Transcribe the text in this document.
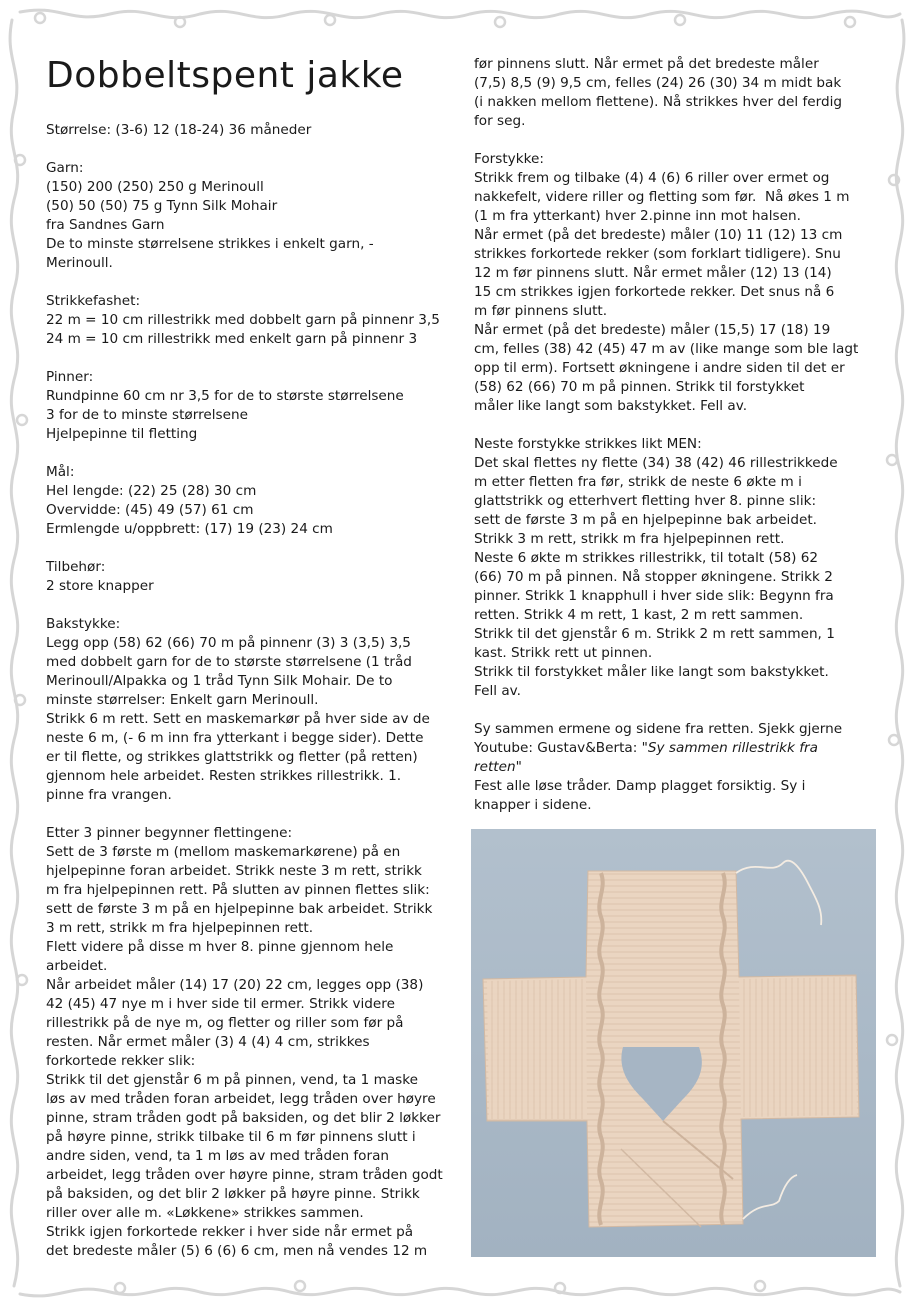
Dobbeltspent jakke
Størrelse: (3-6) 12 (18-24) 36 måneder
Garn:
(150) 200 (250) 250 g Merinoull
(50) 50 (50) 75 g Tynn Silk Mohair
fra Sandnes Garn
De to minste størrelsene strikkes i enkelt garn, -
Merinoull.
Strikkefashet:
22 m = 10 cm rillestrikk med dobbelt garn på pinnenr 3,5
24 m = 10 cm rillestrikk med enkelt garn på pinnenr 3
Pinner:
Rundpinne 60 cm nr 3,5 for de to største størrelsene
3 for de to minste størrelsene
Hjelpepinne til fletting
Mål:
Hel lengde: (22) 25 (28) 30 cm
Overvidde: (45) 49 (57) 61 cm
Ermlengde u/oppbrett: (17) 19 (23) 24 cm
Tilbehør:
2 store knapper
Bakstykke:
Legg opp (58) 62 (66) 70 m på pinnenr (3) 3 (3,5) 3,5
med dobbelt garn for de to største størrelsene (1 tråd
Merinoull/Alpakka og 1 tråd Tynn Silk Mohair. De to
minste størrelser: Enkelt garn Merinoull.
Strikk 6 m rett. Sett en maskemarkør på hver side av de
neste 6 m, (- 6 m inn fra ytterkant i begge sider). Dette
er til flette, og strikkes glattstrikk og fletter (på retten)
gjennom hele arbeidet. Resten strikkes rillestrikk. 1.
pinne fra vrangen.
Etter 3 pinner begynner flettingene:
Sett de 3 første m (mellom maskemarkørene) på en
hjelpepinne foran arbeidet. Strikk neste 3 m rett, strikk
m fra hjelpepinnen rett. På slutten av pinnen flettes slik:
sett de første 3 m på en hjelpepinne bak arbeidet. Strikk
3 m rett, strikk m fra hjelpepinnen rett.
Flett videre på disse m hver 8. pinne gjennom hele
arbeidet.
Når arbeidet måler (14) 17 (20) 22 cm, legges opp (38)
42 (45) 47 nye m i hver side til ermer. Strikk videre
rillestrikk på de nye m, og fletter og riller som før på
resten. Når ermet måler (3) 4 (4) 4 cm, strikkes
forkortede rekker slik:
Strikk til det gjenstår 6 m på pinnen, vend, ta 1 maske
løs av med tråden foran arbeidet, legg tråden over høyre
pinne, stram tråden godt på baksiden, og det blir 2 løkker
på høyre pinne, strikk tilbake til 6 m før pinnens slutt i
andre siden, vend, ta 1 m løs av med tråden foran
arbeidet, legg tråden over høyre pinne, stram tråden godt
på baksiden, og det blir 2 løkker på høyre pinne. Strikk
riller over alle m. «Løkkene» strikkes sammen.
Strikk igjen forkortede rekker i hver side når ermet på
det bredeste måler (5) 6 (6) 6 cm, men nå vendes 12 m
før pinnens slutt. Når ermet på det bredeste måler
(7,5) 8,5 (9) 9,5 cm, felles (24) 26 (30) 34 m midt bak
(i nakken mellom flettene). Nå strikkes hver del ferdig
for seg.
Forstykke:
Strikk frem og tilbake (4) 4 (6) 6 riller over ermet og
nakkefelt, videre riller og fletting som før.  Nå økes 1 m
(1 m fra ytterkant) hver 2.pinne inn mot halsen.
Når ermet (på det bredeste) måler (10) 11 (12) 13 cm
strikkes forkortede rekker (som forklart tidligere). Snu
12 m før pinnens slutt. Når ermet måler (12) 13 (14)
15 cm strikkes igjen forkortede rekker. Det snus nå 6
m før pinnens slutt.
Når ermet (på det bredeste) måler (15,5) 17 (18) 19
cm, felles (38) 42 (45) 47 m av (like mange som ble lagt
opp til erm). Fortsett økningene i andre siden til det er
(58) 62 (66) 70 m på pinnen. Strikk til forstykket
måler like langt som bakstykket. Fell av.
Neste forstykke strikkes likt MEN:
Det skal flettes ny flette (34) 38 (42) 46 rillestrikkede
m etter fletten fra før, strikk de neste 6 økte m i
glattstrikk og etterhvert fletting hver 8. pinne slik:
sett de første 3 m på en hjelpepinne bak arbeidet.
Strikk 3 m rett, strikk m fra hjelpepinnen rett.
Neste 6 økte m strikkes rillestrikk, til totalt (58) 62
(66) 70 m på pinnen. Nå stopper økningene. Strikk 2
pinner. Strikk 1 knapphull i hver side slik: Begynn fra
retten. Strikk 4 m rett, 1 kast, 2 m rett sammen.
Strikk til det gjenstår 6 m. Strikk 2 m rett sammen, 1
kast. Strikk rett ut pinnen.
Strikk til forstykket måler like langt som bakstykket.
Fell av.
Sy sammen ermene og sidene fra retten. Sjekk gjerne
Youtube: Gustav&Berta: "Sy sammen rillestrikk fra
retten"
Fest alle løse tråder. Damp plagget forsiktig. Sy i
knapper i sidene.
